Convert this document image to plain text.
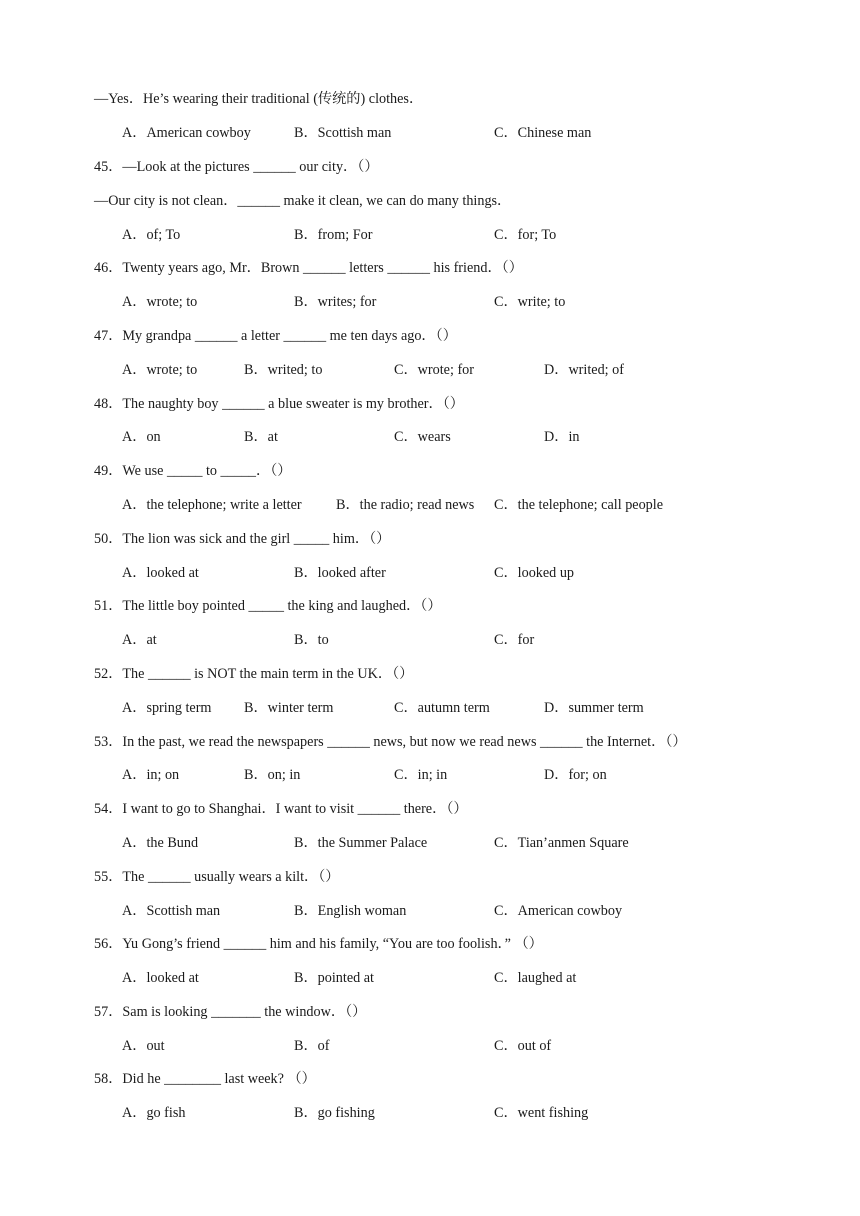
—Yes．He’s wearing their traditional (传统的) clothes．
A．American cowboy	B．Scottish man	C．Chinese man
45．—Look at the pictures ______ our city．（）
—Our city is not clean．______ make it clean, we can do many things．
A．of; To	B．from; For	C．for; To
46．Twenty years ago, Mr．Brown ______ letters ______ his friend．（）
A．wrote; to	B．writes; for	C．write; to
47．My grandpa ______ a letter ______ me ten days ago．（）
A．wrote; to	B．writed; to	C．wrote; for	D．writed; of
48．The naughty boy ______ a blue sweater is my brother．（）
A．on	B．at	C．wears	D．in
49．We use _____ to _____．（）
A．the telephone; write a letter B．the radio; read news C．the telephone; call people
50．The lion was sick and the girl _____ him．（）
A．looked at	B．looked after	C．looked up
51．The little boy pointed _____ the king and laughed．（）
A．at	B．to	C．for
52．The ______ is NOT the main term in the UK．（）
A．spring term B．winter term	C．autumn term	D．summer term
53．In the past, we read the newspapers ______ news, but now we read news ______ the Internet．（）
A．in; on	B．on; in	C．in; in	D．for; on
54．I want to go to Shanghai．I want to visit ______ there．（）
A．the Bund	B．the Summer Palace	C．Tian’anmen Square
55．The ______ usually wears a kilt．（）
A．Scottish man	B．English woman	C．American cowboy
56．Yu Gong’s friend ______ him and his family, “You are too foolish．” （）
A．looked at	B．pointed at	C．laughed at
57．Sam is looking _______ the window．（）
A．out	B．of	C．out of
58．Did he ________ last week? （）
A．go fish	B．go fishing	C．went fishing
